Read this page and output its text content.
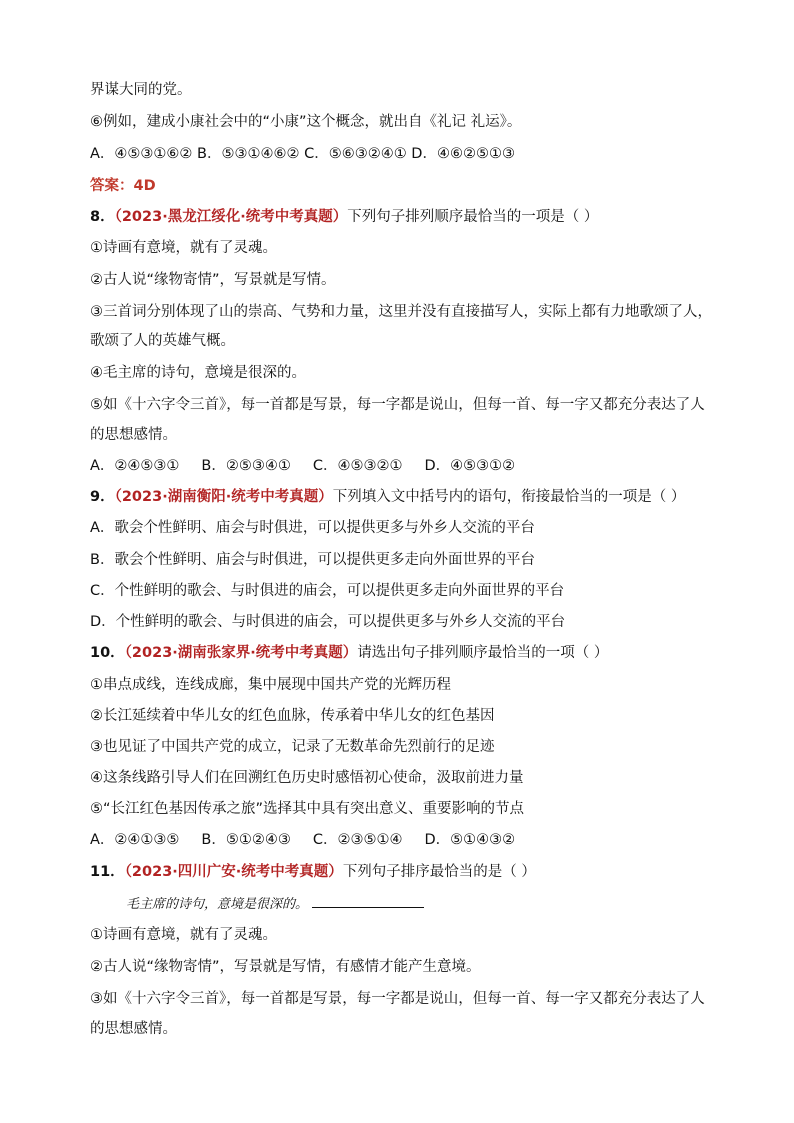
界谋大同的党。
⑥例如，建成小康社会中的“小康”这个概念，就出自《礼记 礼运》。
A．④⑤③①⑥② B．⑤③①④⑥② C．⑤⑥③②④① D．④⑥②⑤①③
答案：4D
8．（2023·黑龙江绥化·统考中考真题）下列句子排列顺序最恰当的一项是（ ）
①诗画有意境，就有了灵魂。
②古人说“缘物寄情”，写景就是写情。
③三首词分别体现了山的崇高、气势和力量，这里并没有直接描写人，实际上都有力地歌颂了人，
歌颂了人的英雄气概。
④毛主席的诗句，意境是很深的。
⑤如《十六字令三首》，每一首都是写景，每一字都是说山，但每一首、每一字又都充分表达了人
的思想感情。
A．②④⑤③① B．②⑤③④① C．④⑤③②① D．④⑤③①②
9．（2023·湖南衡阳·统考中考真题）下列填入文中括号内的语句，衔接最恰当的一项是（ ）
A．歌会个性鲜明、庙会与时俱进，可以提供更多与外乡人交流的平台
B．歌会个性鲜明、庙会与时俱进，可以提供更多走向外面世界的平台
C．个性鲜明的歌会、与时俱进的庙会，可以提供更多走向外面世界的平台
D．个性鲜明的歌会、与时俱进的庙会，可以提供更多与外乡人交流的平台
10．（2023·湖南张家界·统考中考真题）请选出句子排列顺序最恰当的一项（ ）
①串点成线，连线成廊，集中展现中国共产党的光辉历程
②长江延续着中华儿女的红色血脉，传承着中华儿女的红色基因
③也见证了中国共产党的成立，记录了无数革命先烈前行的足迹
④这条线路引导人们在回溯红色历史时感悟初心使命，汲取前进力量
⑤“长江红色基因传承之旅”选择其中具有突出意义、重要影响的节点
A．②④①③⑤ B．⑤①②④③ C．②③⑤①④ D．⑤①④③②
11．（2023·四川广安·统考中考真题）下列句子排序最恰当的是（ ）
毛主席的诗句，意境是很深的。
①诗画有意境，就有了灵魂。
②古人说“缘物寄情”，写景就是写情，有感情才能产生意境。
③如《十六字令三首》，每一首都是写景，每一字都是说山，但每一首、每一字又都充分表达了人
的思想感情。
